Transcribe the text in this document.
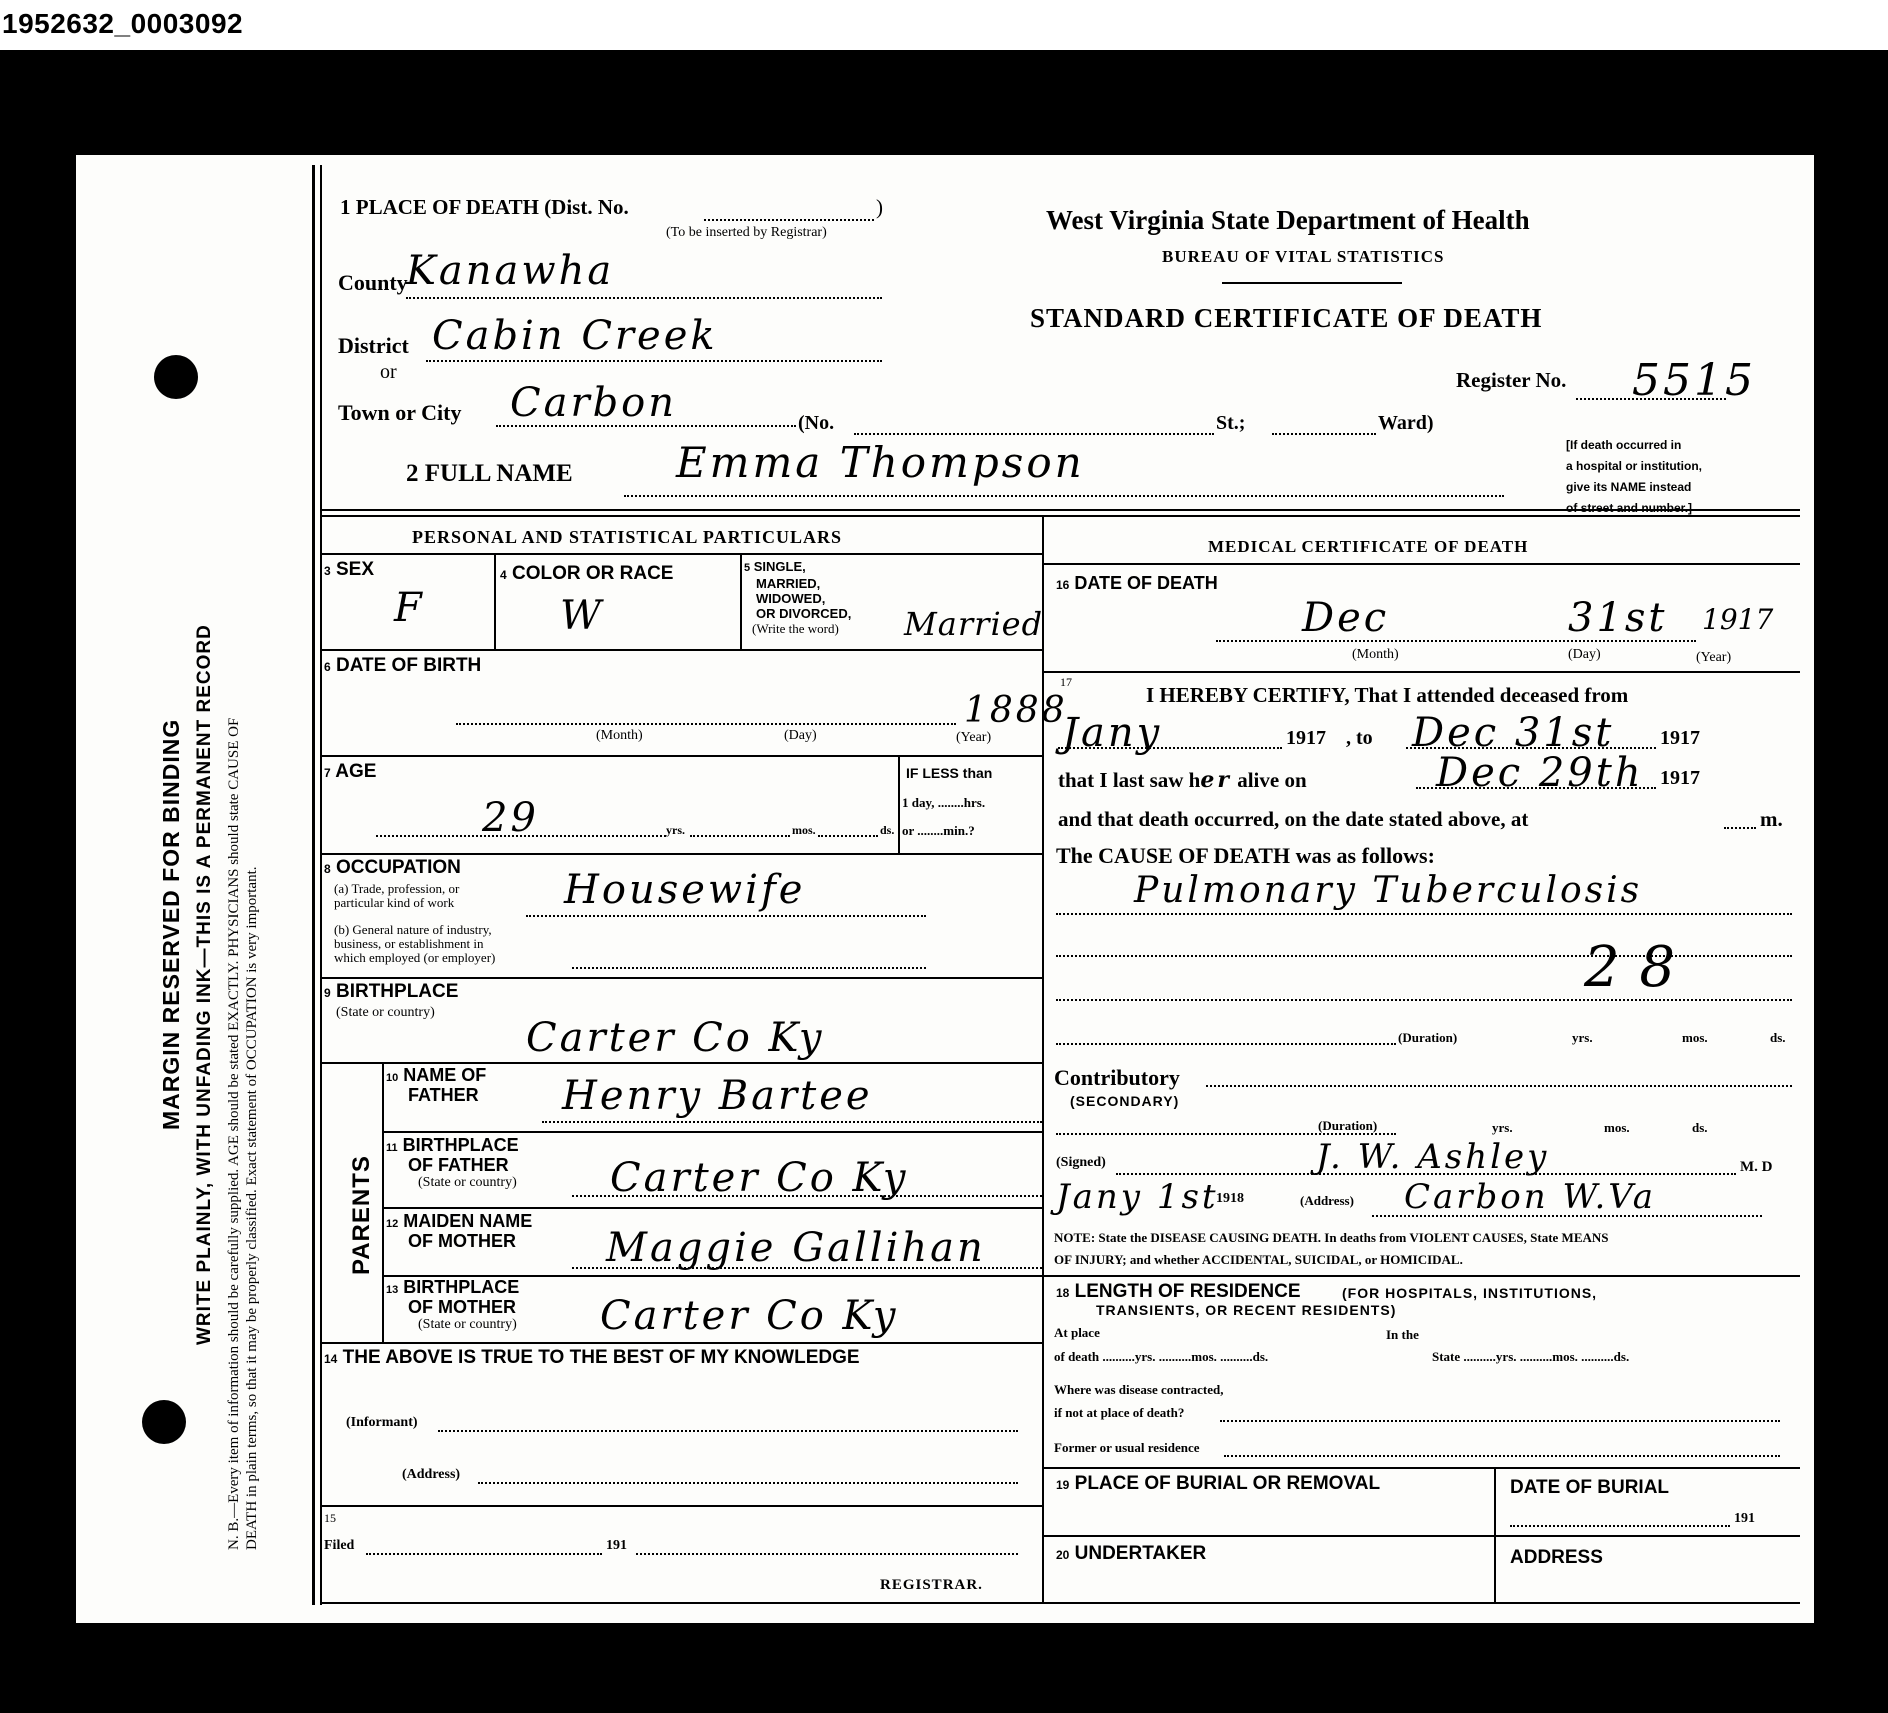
1952632_0003092
MARGIN RESERVED FOR BINDING WRITE PLAINLY, WITH UNFADING INK—THIS IS A PERMANENT RECORD N. B.—Every item of information should be carefully supplied. AGE should be stated EXACTLY. PHYSICIANS should state CAUSE OF DEATH in plain terms, so that it may be properly classified. Exact statement of OCCUPATION is very important.
1 PLACE OF DEATH (Dist. No.	)
(To be inserted by Registrar)
County
Kanawha
District Cabin Creek
or
Town or City Carbon	(No.	St.;	Ward)
[If death occurred in
a hospital or institution,
give its NAME instead
of street and number.]
West Virginia State Department of Health
BUREAU OF VITAL STATISTICS
STANDARD CERTIFICATE OF DEATH
Register No. 5515
2 FULL NAME Emma Thompson
PERSONAL AND STATISTICAL PARTICULARS
3 SEX
F
4 COLOR OR RACE
W
5 SINGLE,
MARRIED,
WIDOWED,
OR DIVORCED,
(Write the word)	Married
6 DATE OF BIRTH
1888
(Month)	(Day)	(Year)
7 AGE
29	yrs.	mos.	ds.
IF LESS than
1 day, ........hrs.
or ........min.?
8 OCCUPATION
(a) Trade, profession, or
particular kind of work	Housewife
(b) General nature of industry,
business, or establishment in
which employed (or employer)
9 BIRTHPLACE
(State or country)
Carter Co Ky
PARENTS
10 NAME OF
FATHER Henry Bartee
11 BIRTHPLACE
OF FATHER
(State or country) Carter Co Ky
12 MAIDEN NAME
OF MOTHER	Maggie Gallihan
13 BIRTHPLACE
OF MOTHER
(State or country) Carter Co Ky
14 THE ABOVE IS TRUE TO THE BEST OF MY KNOWLEDGE
(Informant)
(Address)
15
Filed	191
REGISTRAR.
MEDICAL CERTIFICATE OF DEATH
16 DATE OF DEATH
Dec	31st 1917
(Month)	(Day)	(Year)
17
I HEREBY CERTIFY, That I attended deceased from
Jany	1917 , to Dec 31st 1917
that I last saw her alive on	Dec 29th 1917
and that death occurred, on the date stated above, at	m.
The CAUSE OF DEATH was as follows:
Pulmonary Tuberculosis
2 8
(Duration)	yrs.	mos.	ds.
Contributory
(SECONDARY)
(Duration)	yrs.	mos.	ds.
(Signed)	J. W. Ashley	M. D
Jany 1st
1918	(Address) Carbon W.Va
NOTE: State the DISEASE CAUSING DEATH. In deaths from VIOLENT CAUSES, State MEANS
OF INJURY; and whether ACCIDENTAL, SUICIDAL, or HOMICIDAL.
18 LENGTH OF RESIDENCE	(FOR HOSPITALS, INSTITUTIONS,
TRANSIENTS, OR RECENT RESIDENTS)
At place
of death ..........yrs. ..........mos. ..........ds.
In the
State ..........yrs. ..........mos. ..........ds.
Where was disease contracted,
if not at place of death?
Former or usual residence
19 PLACE OF BURIAL OR REMOVAL	DATE OF BURIAL
191
20 UNDERTAKER	ADDRESS
